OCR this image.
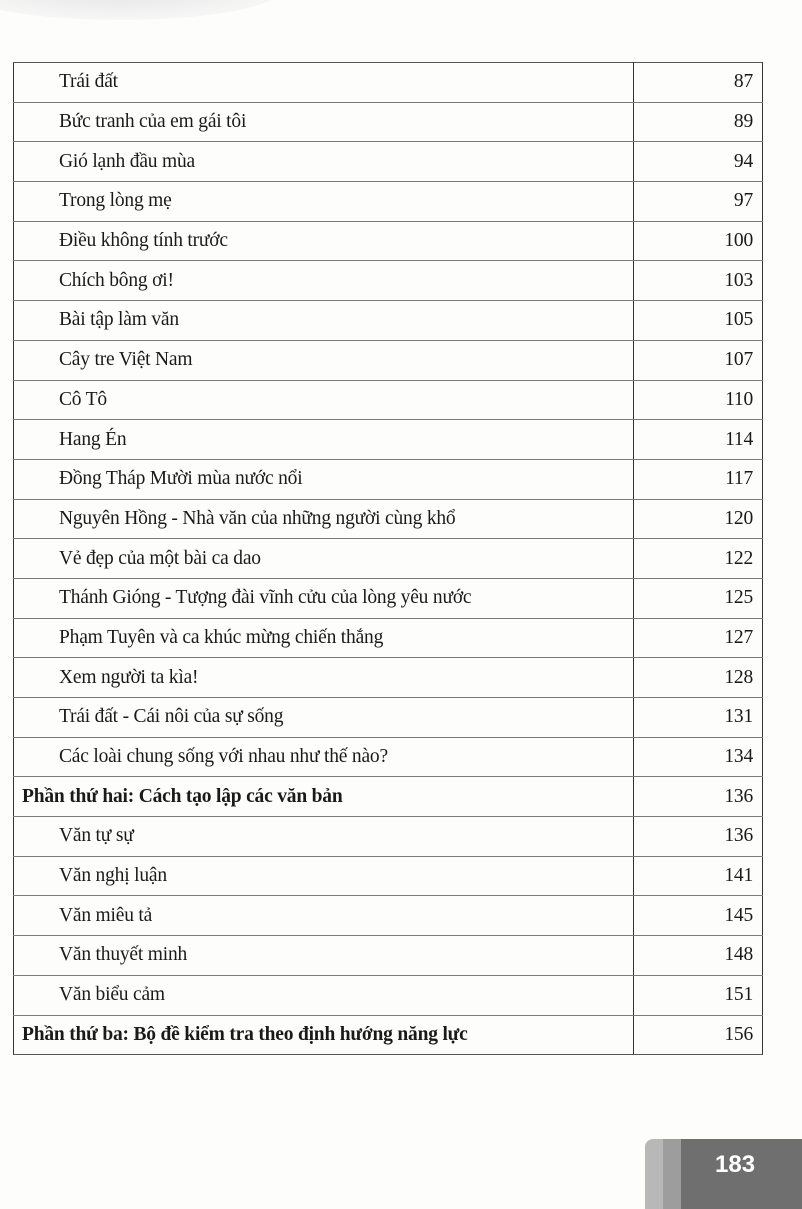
Trái đất	87
Bức tranh của em gái tôi	89
Gió lạnh đầu mùa	94
Trong lòng mẹ	97
Điều không tính trước	100
Chích bông ơi!	103
Bài tập làm văn	105
Cây tre Việt Nam	107
Cô Tô	110
Hang Én	114
Đồng Tháp Mười mùa nước nổi	117
Nguyên Hồng - Nhà văn của những người cùng khổ	120
Vẻ đẹp của một bài ca dao	122
Thánh Gióng - Tượng đài vĩnh cửu của lòng yêu nước	125
Phạm Tuyên và ca khúc mừng chiến thắng	127
Xem người ta kìa!	128
Trái đất - Cái nôi của sự sống	131
Các loài chung sống với nhau như thế nào?	134
Phần thứ hai: Cách tạo lập các văn bản	136
Văn tự sự	136
Văn nghị luận	141
Văn miêu tả	145
Văn thuyết minh	148
Văn biểu cảm	151
Phần thứ ba: Bộ đề kiểm tra theo định hướng năng lực	156
183
